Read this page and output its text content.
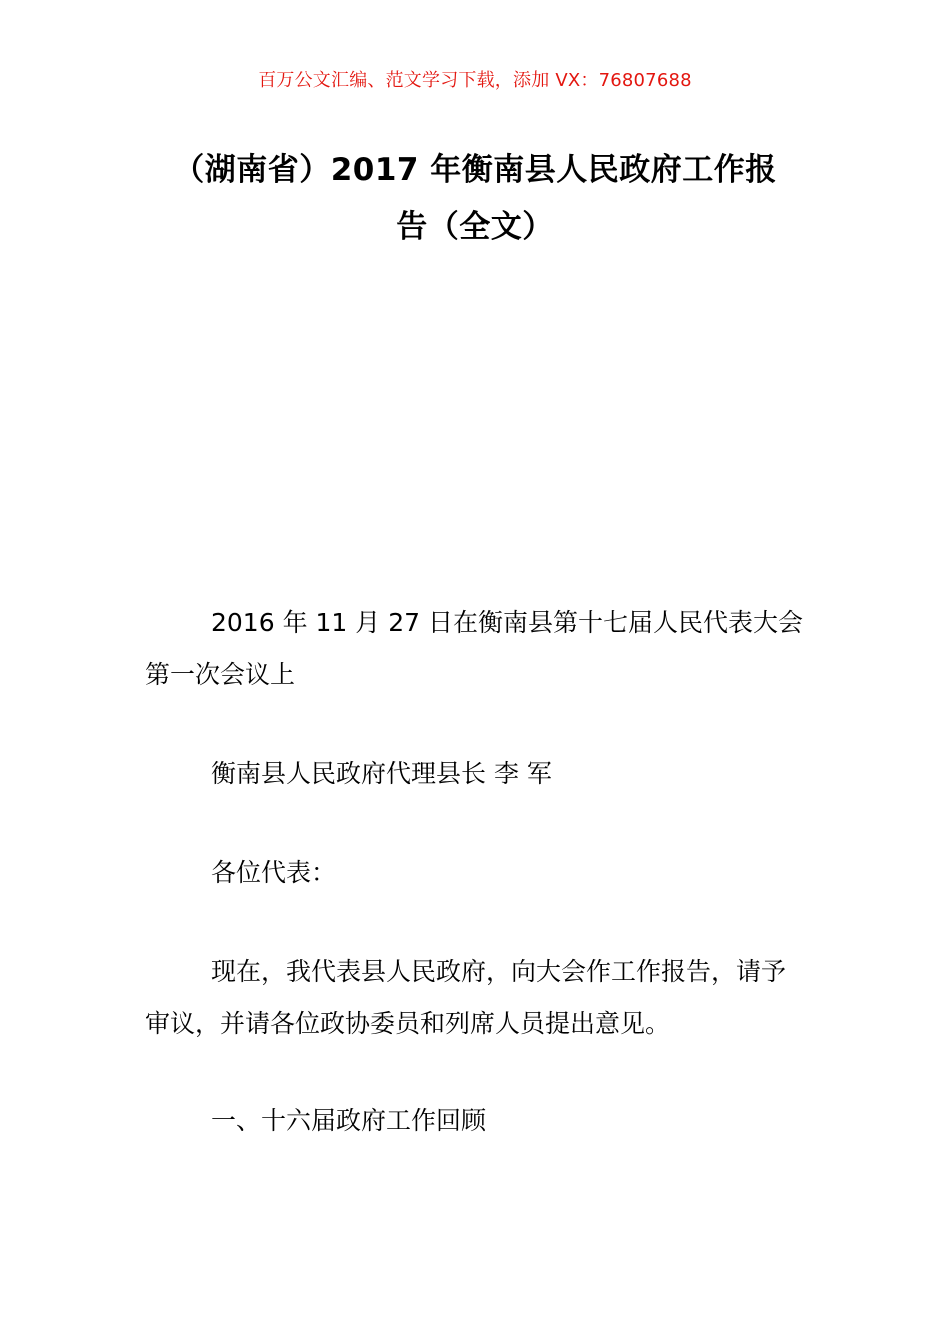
百万公文汇编、范文学习下载，添加 VX：76807688
（湖南省）2017 年衡南县人民政府工作报
告（全文）
2016 年 11 月 27 日在衡南县第十七届人民代表大会
第一次会议上
衡南县人民政府代理县长 李 军
各位代表：
现在，我代表县人民政府，向大会作工作报告，请予
审议，并请各位政协委员和列席人员提出意见。
一、十六届政府工作回顾
